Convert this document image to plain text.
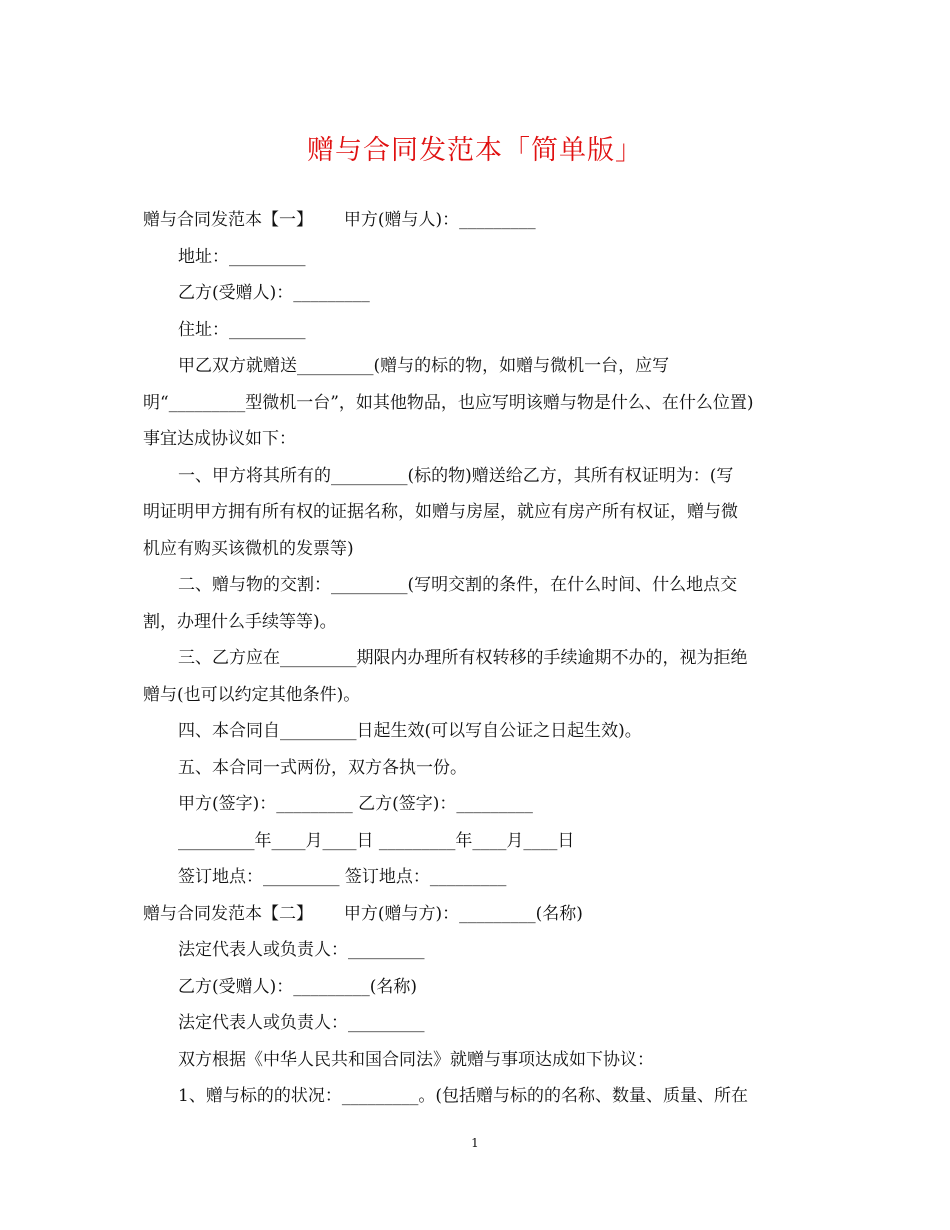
赠与合同发范本「简单版」
赠与合同发范本【一】　　 甲方(赠与人)：_________
地址：_________
乙方(受赠人)：_________
住址：_________
甲乙双方就赠送_________(赠与的标的物，如赠与微机一台，应写
明“_________型微机一台”，如其他物品，也应写明该赠与物是什么、在什么位置)
事宜达成协议如下：
一、甲方将其所有的_________(标的物)赠送给乙方，其所有权证明为：(写
明证明甲方拥有所有权的证据名称，如赠与房屋，就应有房产所有权证，赠与微
机应有购买该微机的发票等)
二、赠与物的交割：_________(写明交割的条件，在什么时间、什么地点交
割，办理什么手续等等)。
三、乙方应在_________期限内办理所有权转移的手续逾期不办的，视为拒绝
赠与(也可以约定其他条件)。
四、本合同自_________日起生效(可以写自公证之日起生效)。
五、本合同一式两份，双方各执一份。
甲方(签字)：_________ 乙方(签字)：_________
_________年____月____日 _________年____月____日
签订地点：_________ 签订地点：_________
赠与合同发范本【二】　　 甲方(赠与方)：_________(名称)
法定代表人或负责人：_________
乙方(受赠人)：_________(名称)
法定代表人或负责人：_________
双方根据《中华人民共和国合同法》就赠与事项达成如下协议：
1、赠与标的的状况：_________。(包括赠与标的的名称、数量、质量、所在
1
